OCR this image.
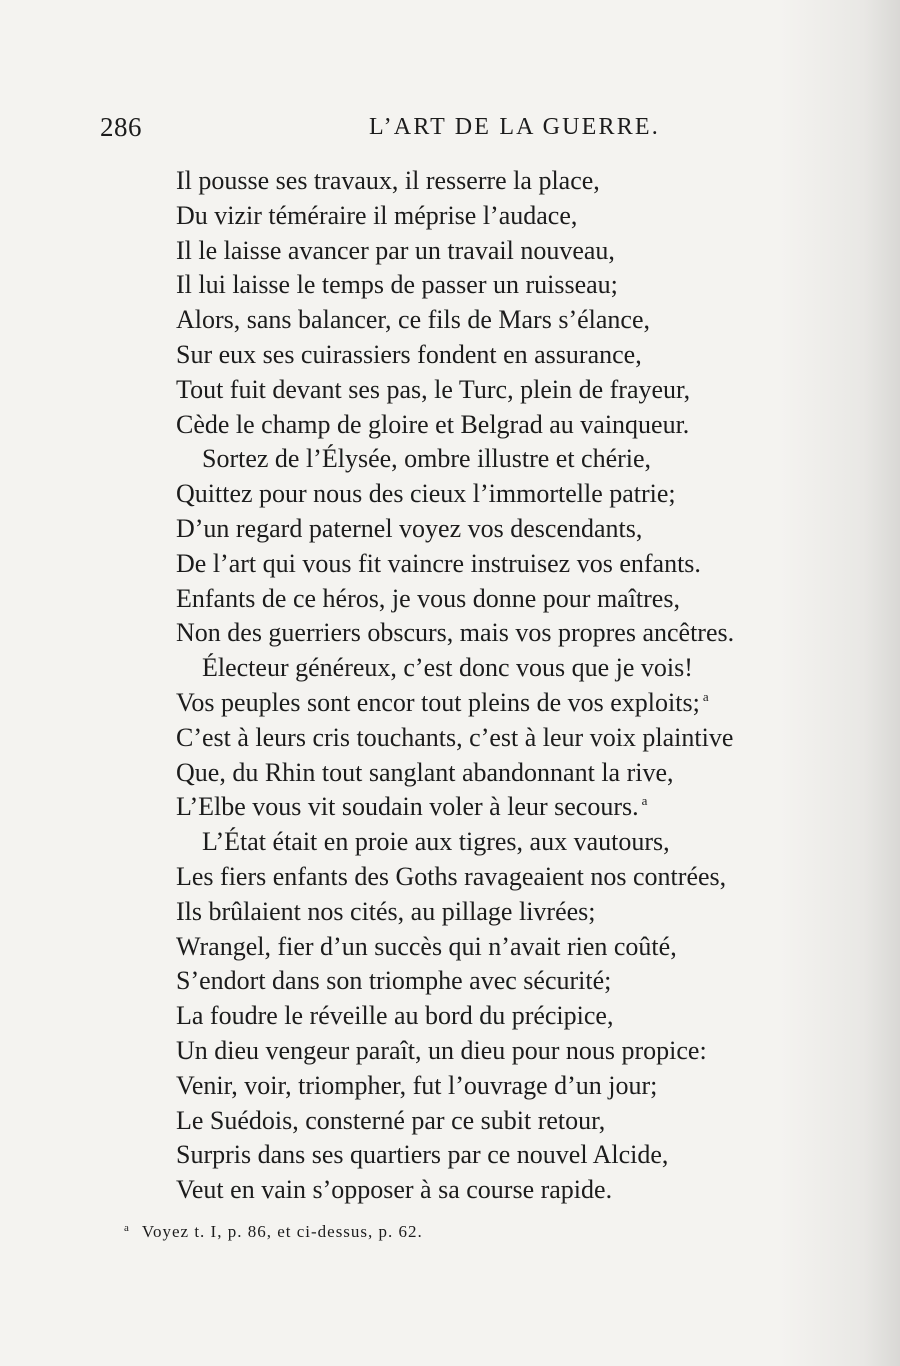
286	L’ART DE LA GUERRE.
Il pousse ses travaux, il resserre la place,
Du vizir téméraire il méprise l’audace,
Il le laisse avancer par un travail nouveau,
Il lui laisse le temps de passer un ruisseau;
Alors, sans balancer, ce fils de Mars s’élance,
Sur eux ses cuirassiers fondent en assurance,
Tout fuit devant ses pas, le Turc, plein de frayeur,
Cède le champ de gloire et Belgrad au vainqueur.
Sortez de l’Élysée, ombre illustre et chérie,
Quittez pour nous des cieux l’immortelle patrie;
D’un regard paternel voyez vos descendants,
De l’art qui vous fit vaincre instruisez vos enfants.
Enfants de ce héros, je vous donne pour maîtres,
Non des guerriers obscurs, mais vos propres ancêtres.
Électeur généreux, c’est donc vous que je vois!
Vos peuples sont encor tout pleins de vos exploits; $^a$
C’est à leurs cris touchants, c’est à leur voix plaintive
Que, du Rhin tout sanglant abandonnant la rive,
L’Elbe vous vit soudain voler à leur secours. $^a$
L’État était en proie aux tigres, aux vautours,
Les fiers enfants des Goths ravageaient nos contrées,
Ils brûlaient nos cités, au pillage livrées;
Wrangel, fier d’un succès qui n’avait rien coûté,
S’endort dans son triomphe avec sécurité;
La foudre le réveille au bord du précipice,
Un dieu vengeur paraît, un dieu pour nous propice:
Venir, voir, triompher, fut l’ouvrage d’un jour;
Le Suédois, consterné par ce subit retour,
Surpris dans ses quartiers par ce nouvel Alcide,
Veut en vain s’opposer à sa course rapide.
$^a$ Voyez t. I, p. 86, et ci-dessus, p. 62.
